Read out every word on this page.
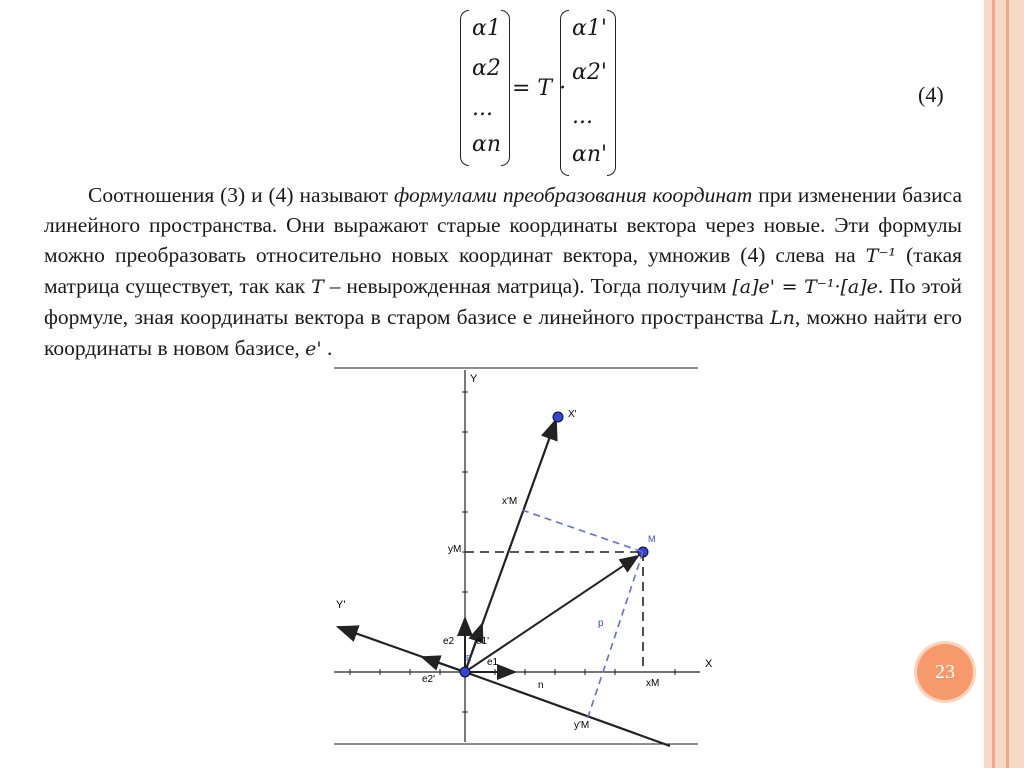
α1
α2
...
αn
= T ·
α1'
α2'
...
αn'
(4)
Соотношения (3) и (4) называют формулами преобразования координат при изменении базиса линейного пространства. Они выражают старые координаты вектора через новые. Эти формулы можно преобразовать относительно новых координат вектора, умножив (4) слева на T⁻¹ (такая матрица существует, так как T – невырожденная матрица). Тогда получим [a]e' = T⁻¹·[a]e. По этой формуле, зная координаты вектора в старом базисе e линейного пространства Ln, можно найти его координаты в новом базисе, e' .
Y
X
X'
Y'
M
x'M
yM
xM
y'M
e2 e1'
e1
e2'
E
n
p
23
